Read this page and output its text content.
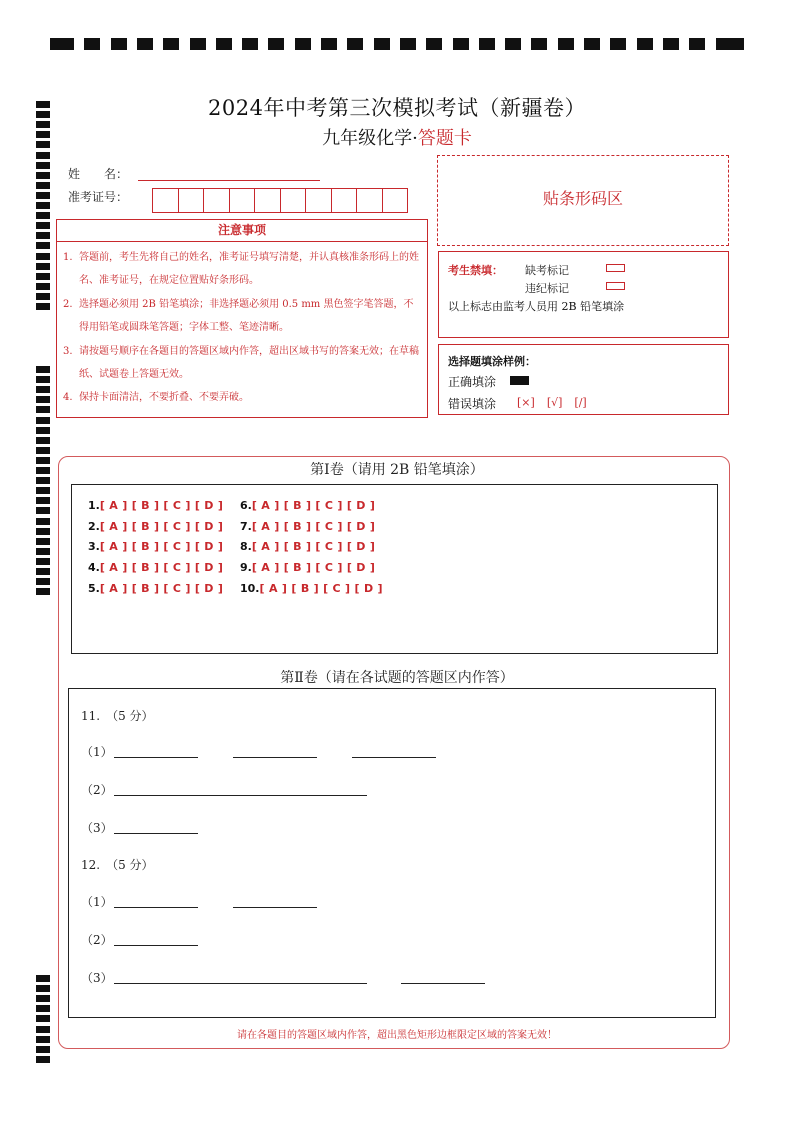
2024年中考第三次模拟考试（新疆卷）
九年级化学·答题卡
姓　　名：
准考证号：
注意事项
1. 答题前，考生先将自己的姓名，准考证号填写清楚，并认真核准条形码上的姓名、准考证号，在规定位置贴好条形码。
2. 选择题必须用 2B 铅笔填涂；非选择题必须用 0.5 mm 黑色签字笔答题，不得用铅笔或圆珠笔答题；字体工整、笔迹清晰。
3. 请按题号顺序在各题目的答题区域内作答，超出区域书写的答案无效；在草稿纸、试题卷上答题无效。
4. 保持卡面清洁，不要折叠、不要弄破。
贴条形码区
考生禁填： 缺考标记
违纪标记
以上标志由监考人员用 2B 铅笔填涂
选择题填涂样例：
正确填涂
错误填涂 [×] [√] [/]
第Ⅰ卷（请用 2B 铅笔填涂）
1. [ A ] [ B ] [ C ] [ D ]
2. [ A ] [ B ] [ C ] [ D ]
3. [ A ] [ B ] [ C ] [ D ]
4. [ A ] [ B ] [ C ] [ D ]
5. [ A ] [ B ] [ C ] [ D ]
6. [ A ] [ B ] [ C ] [ D ]
7. [ A ] [ B ] [ C ] [ D ]
8. [ A ] [ B ] [ C ] [ D ]
9. [ A ] [ B ] [ C ] [ D ]
10. [ A ] [ B ] [ C ] [ D ]
第Ⅱ卷（请在各试题的答题区内作答）
11.　（5 分）
（1）
（2）
（3）
12.　（5 分）
（1）
（2）
（3）
请在各题目的答题区域内作答，超出黑色矩形边框限定区域的答案无效！
